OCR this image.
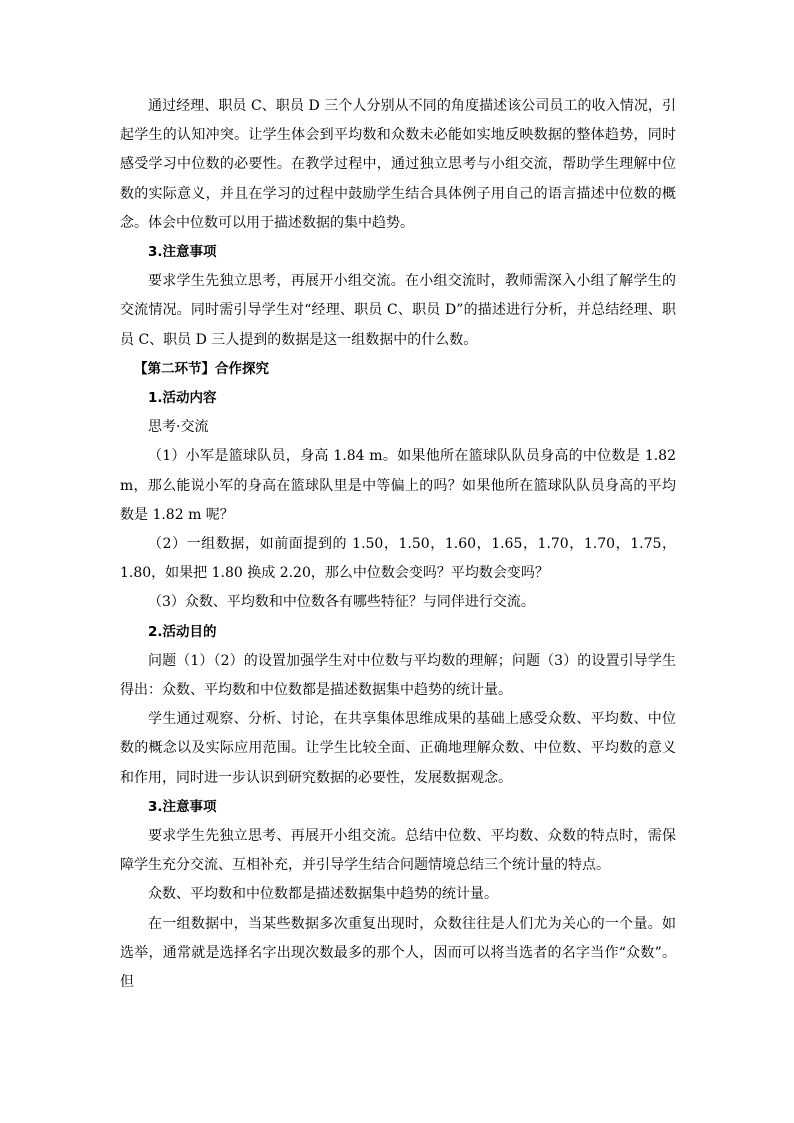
通过经理、职员 C、职员 D 三个人分别从不同的角度描述该公司员工的收入情况，引起学生的认知冲突。让学生体会到平均数和众数未必能如实地反映数据的整体趋势，同时感受学习中位数的必要性。在教学过程中，通过独立思考与小组交流，帮助学生理解中位数的实际意义，并且在学习的过程中鼓励学生结合具体例子用自己的语言描述中位数的概念。体会中位数可以用于描述数据的集中趋势。

3.注意事项

要求学生先独立思考，再展开小组交流。在小组交流时，教师需深入小组了解学生的交流情况。同时需引导学生对“经理、职员 C、职员 D”的描述进行分析，并总结经理、职员 C、职员 D 三人提到的数据是这一组数据中的什么数。

【第二环节】合作探究

1.活动内容

思考·交流

（1）小军是篮球队员，身高 1.84 m。如果他所在篮球队队员身高的中位数是 1.82 m，那么能说小军的身高在篮球队里是中等偏上的吗？如果他所在篮球队队员身高的平均数是 1.82 m 呢？

（2）一组数据，如前面提到的 1.50，1.50，1.60，1.65，1.70，1.70，1.75，1.80，如果把 1.80 换成 2.20，那么中位数会变吗？平均数会变吗？

（3）众数、平均数和中位数各有哪些特征？与同伴进行交流。

2.活动目的

问题（1）（2）的设置加强学生对中位数与平均数的理解；问题（3）的设置引导学生得出：众数、平均数和中位数都是描述数据集中趋势的统计量。

学生通过观察、分析、讨论，在共享集体思维成果的基础上感受众数、平均数、中位数的概念以及实际应用范围。让学生比较全面、正确地理解众数、中位数、平均数的意义和作用，同时进一步认识到研究数据的必要性，发展数据观念。

3.注意事项

要求学生先独立思考、再展开小组交流。总结中位数、平均数、众数的特点时，需保障学生充分交流、互相补充，并引导学生结合问题情境总结三个统计量的特点。

众数、平均数和中位数都是描述数据集中趋势的统计量。

在一组数据中，当某些数据多次重复出现时，众数往往是人们尤为关心的一个量。如选举，通常就是选择名字出现次数最多的那个人，因而可以将当选者的名字当作“众数”。但
